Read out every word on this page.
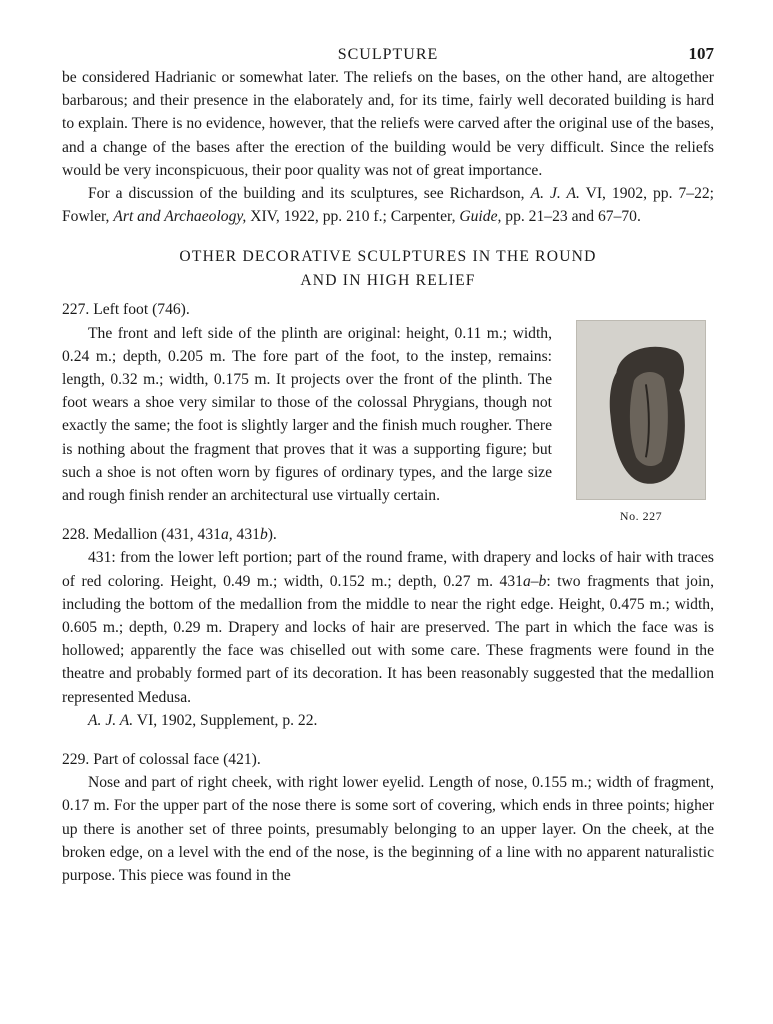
SCULPTURE	107

be considered Hadrianic or somewhat later. The reliefs on the bases, on the other hand, are altogether barbarous; and their presence in the elaborately and, for its time, fairly well decorated building is hard to explain. There is no evidence, however, that the reliefs were carved after the original use of the bases, and a change of the bases after the erection of the building would be very difficult. Since the reliefs would be very inconspicuous, their poor quality was not of great importance.

For a discussion of the building and its sculptures, see Richardson, A. J. A. VI, 1902, pp. 7–22; Fowler, Art and Archaeology, XIV, 1922, pp. 210 f.; Carpenter, Guide, pp. 21–23 and 67–70.

OTHER DECORATIVE SCULPTURES IN THE ROUND
AND IN HIGH RELIEF

227. Left foot (746).

The front and left side of the plinth are original: height, 0.11 m.; width, 0.24 m.; depth, 0.205 m. The fore part of the foot, to the instep, remains: length, 0.32 m.; width, 0.175 m. It projects over the front of the plinth. The foot wears a shoe very similar to those of the colossal Phrygians, though not exactly the same; the foot is slightly larger and the finish much rougher. There is nothing about the fragment that proves that it was a supporting figure; but such a shoe is not often worn by figures of ordinary types, and the large size and rough finish render an architectural use virtually certain.

No. 227

228. Medallion (431, 431a, 431b).

431: from the lower left portion; part of the round frame, with drapery and locks of hair with traces of red coloring. Height, 0.49 m.; width, 0.152 m.; depth, 0.27 m. 431a–b: two fragments that join, including the bottom of the medallion from the middle to near the right edge. Height, 0.475 m.; width, 0.605 m.; depth, 0.29 m. Drapery and locks of hair are preserved. The part in which the face was is hollowed; apparently the face was chiselled out with some care. These fragments were found in the theatre and probably formed part of its decoration. It has been reasonably suggested that the medallion represented Medusa.

A. J. A. VI, 1902, Supplement, p. 22.

229. Part of colossal face (421).

Nose and part of right cheek, with right lower eyelid. Length of nose, 0.155 m.; width of fragment, 0.17 m. For the upper part of the nose there is some sort of covering, which ends in three points; higher up there is another set of three points, presumably belonging to an upper layer. On the cheek, at the broken edge, on a level with the end of the nose, is the beginning of a line with no apparent naturalistic purpose. This piece was found in the
